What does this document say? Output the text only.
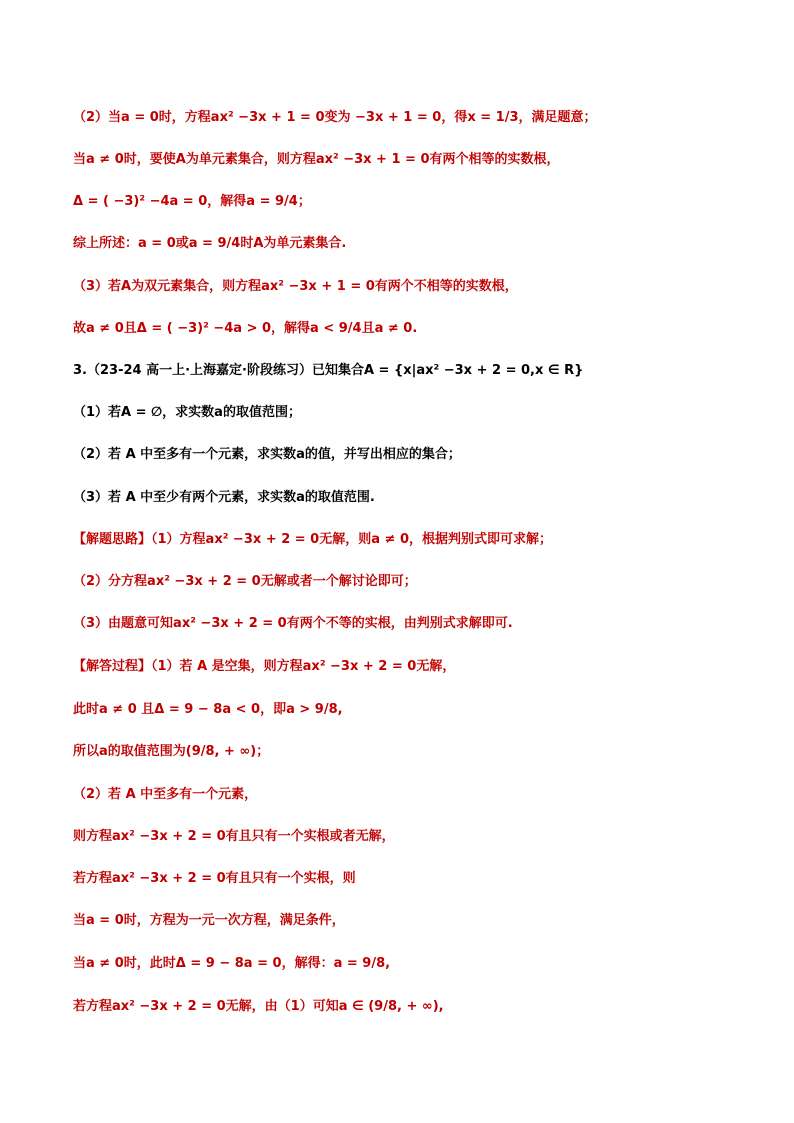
（2）当a = 0时，方程ax² −3x + 1 = 0变为 −3x + 1 = 0，得x = 1/3，满足题意；
当a ≠ 0时，要使A为单元素集合，则方程ax² −3x + 1 = 0有两个相等的实数根，
Δ = ( −3)² −4a = 0，解得a = 9/4；
综上所述：a = 0或a = 9/4时A为单元素集合.
（3）若A为双元素集合，则方程ax² −3x + 1 = 0有两个不相等的实数根，
故a ≠ 0且Δ = ( −3)² −4a > 0，解得a < 9/4且a ≠ 0.
3.（23-24 高一上·上海嘉定·阶段练习）已知集合A = {x|ax² −3x + 2 = 0,x ∈ R}
（1）若A = ∅，求实数a的取值范围；
（2）若 A 中至多有一个元素，求实数a的值，并写出相应的集合；
（3）若 A 中至少有两个元素，求实数a的取值范围.
【解题思路】（1）方程ax² −3x + 2 = 0无解，则a ≠ 0，根据判别式即可求解；
（2）分方程ax² −3x + 2 = 0无解或者一个解讨论即可；
（3）由题意可知ax² −3x + 2 = 0有两个不等的实根，由判别式求解即可.
【解答过程】（1）若 A 是空集，则方程ax² −3x + 2 = 0无解，
此时a ≠ 0 且Δ = 9 − 8a < 0，即a > 9/8,
所以a的取值范围为(9/8, + ∞)；
（2）若 A 中至多有一个元素，
则方程ax² −3x + 2 = 0有且只有一个实根或者无解，
若方程ax² −3x + 2 = 0有且只有一个实根，则
当a = 0时，方程为一元一次方程，满足条件，
当a ≠ 0时，此时Δ = 9 − 8a = 0，解得：a = 9/8,
若方程ax² −3x + 2 = 0无解，由（1）可知a ∈ (9/8, + ∞),
